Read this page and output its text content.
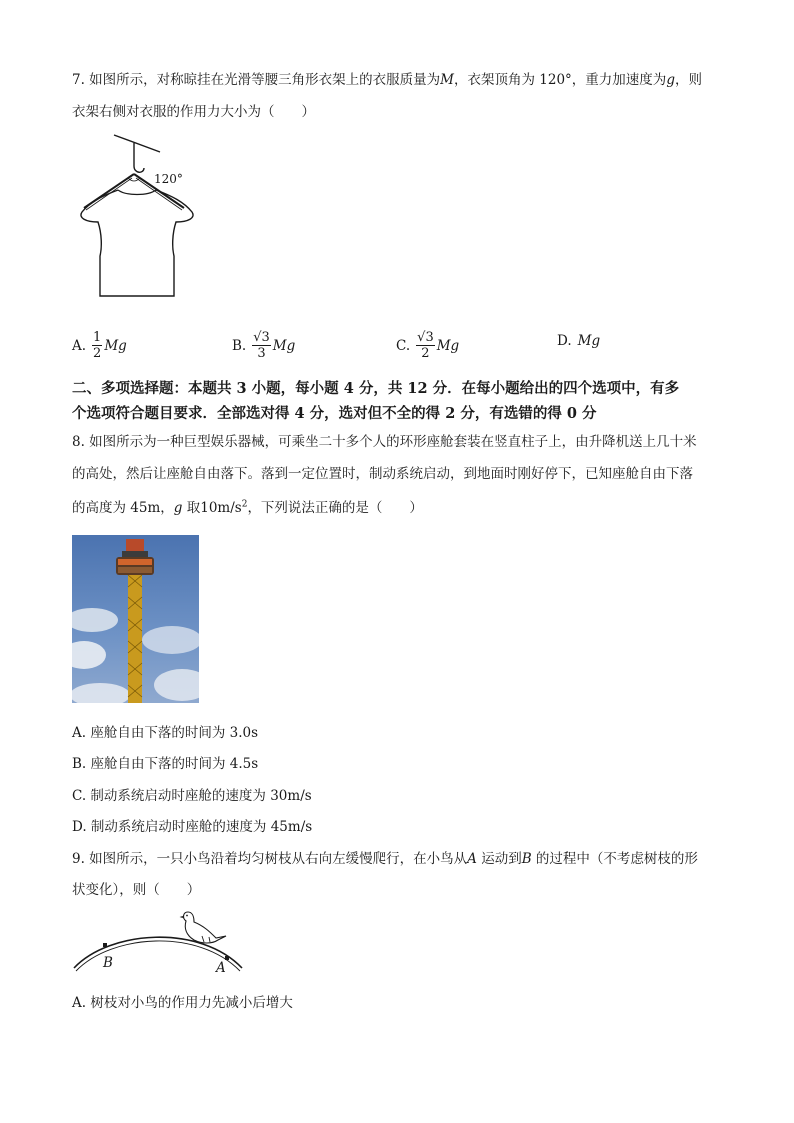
7. 如图所示，对称晾挂在光滑等腰三角形衣架上的衣服质量为M，衣架顶角为 120°，重力加速度为g，则
衣架右侧对衣服的作用力大小为（　　）
120°
A. $\frac{1}{2}$ Mg	B. $\frac{√3}{3}$ Mg	C. $\frac{√3}{2}$ Mg	D. Mg
二、多项选择题：本题共 3 小题，每小题 4 分，共 12 分．在每小题给出的四个选项中，有多
个选项符合题目要求．全部选对得 4 分，选对但不全的得 2 分，有选错的得 0 分
8. 如图所示为一种巨型娱乐器械，可乘坐二十多个人的环形座舱套装在竖直柱子上，由升降机送上几十米
的高处，然后让座舱自由落下。落到一定位置时，制动系统启动，到地面时刚好停下，已知座舱自由下落
的高度为 45m，g 取$10m/s^2$，下列说法正确的是（　　）
A. 座舱自由下落的时间为 3.0s
B. 座舱自由下落的时间为 4.5s
C. 制动系统启动时座舱的速度为 30m/s
D. 制动系统启动时座舱的速度为 45m/s
9. 如图所示，一只小鸟沿着均匀树枝从右向左缓慢爬行，在小鸟从A 运动到B 的过程中（不考虑树枝的形
状变化），则（　　）
B	A
A. 树枝对小鸟的作用力先减小后增大
